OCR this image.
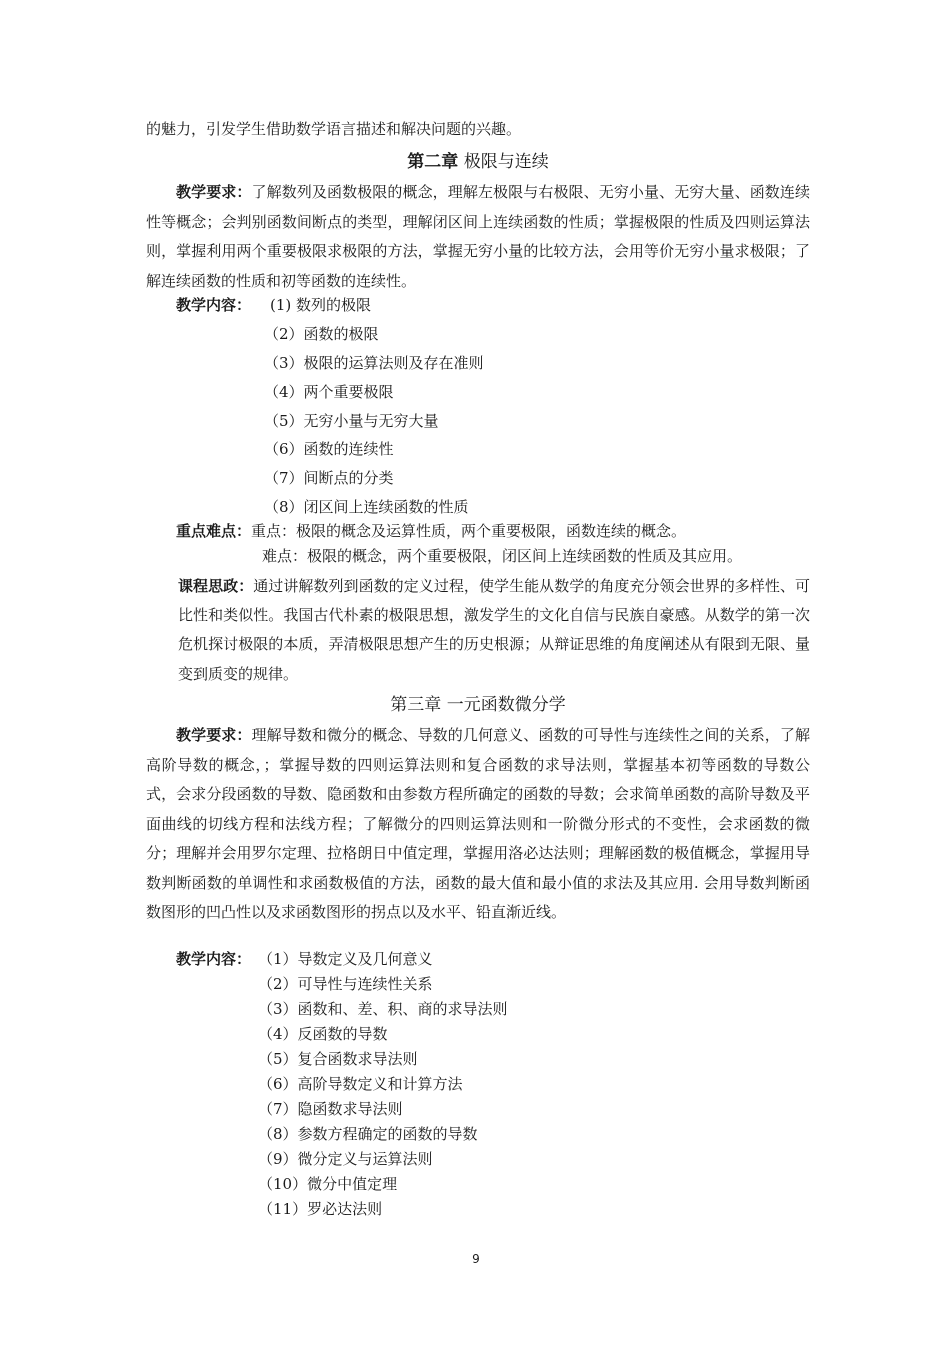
的魅力，引发学生借助数学语言描述和解决问题的兴趣。
第二章 极限与连续
教学要求：了解数列及函数极限的概念，理解左极限与右极限、无穷小量、无穷大量、函数连续性等概念；会判别函数间断点的类型，理解闭区间上连续函数的性质；掌握极限的性质及四则运算法则，掌握利用两个重要极限求极限的方法，掌握无穷小量的比较方法，会用等价无穷小量求极限；了解连续函数的性质和初等函数的连续性。
教学内容： (1) 数列的极限
（2）函数的极限
（3）极限的运算法则及存在准则
（4）两个重要极限
（5）无穷小量与无穷大量
（6）函数的连续性
（7）间断点的分类
（8）闭区间上连续函数的性质
重点难点：重点：极限的概念及运算性质，两个重要极限，函数连续的概念。
难点：极限的概念，两个重要极限，闭区间上连续函数的性质及其应用。
课程思政：通过讲解数列到函数的定义过程，使学生能从数学的角度充分领会世界的多样性、可比性和类似性。我国古代朴素的极限思想，激发学生的文化自信与民族自豪感。从数学的第一次危机探讨极限的本质，弄清极限思想产生的历史根源；从辩证思维的角度阐述从有限到无限、量变到质变的规律。
第三章 一元函数微分学
教学要求：理解导数和微分的概念、导数的几何意义、函数的可导性与连续性之间的关系，了解高阶导数的概念，；掌握导数的四则运算法则和复合函数的求导法则，掌握基本初等函数的导数公式，会求分段函数的导数、隐函数和由参数方程所确定的函数的导数；会求简单函数的高阶导数及平面曲线的切线方程和法线方程；了解微分的四则运算法则和一阶微分形式的不变性，会求函数的微分；理解并会用罗尔定理、拉格朗日中值定理，掌握用洛必达法则；理解函数的极值概念，掌握用导数判断函数的单调性和求函数极值的方法，函数的最大值和最小值的求法及其应用. 会用导数判断函数图形的凹凸性以及求函数图形的拐点以及水平、铅直渐近线。
教学内容： （1）导数定义及几何意义
（2）可导性与连续性关系
（3）函数和、差、积、商的求导法则
（4）反函数的导数
（5）复合函数求导法则
（6）高阶导数定义和计算方法
（7）隐函数求导法则
（8）参数方程确定的函数的导数
（9）微分定义与运算法则
（10）微分中值定理
（11）罗必达法则
9
